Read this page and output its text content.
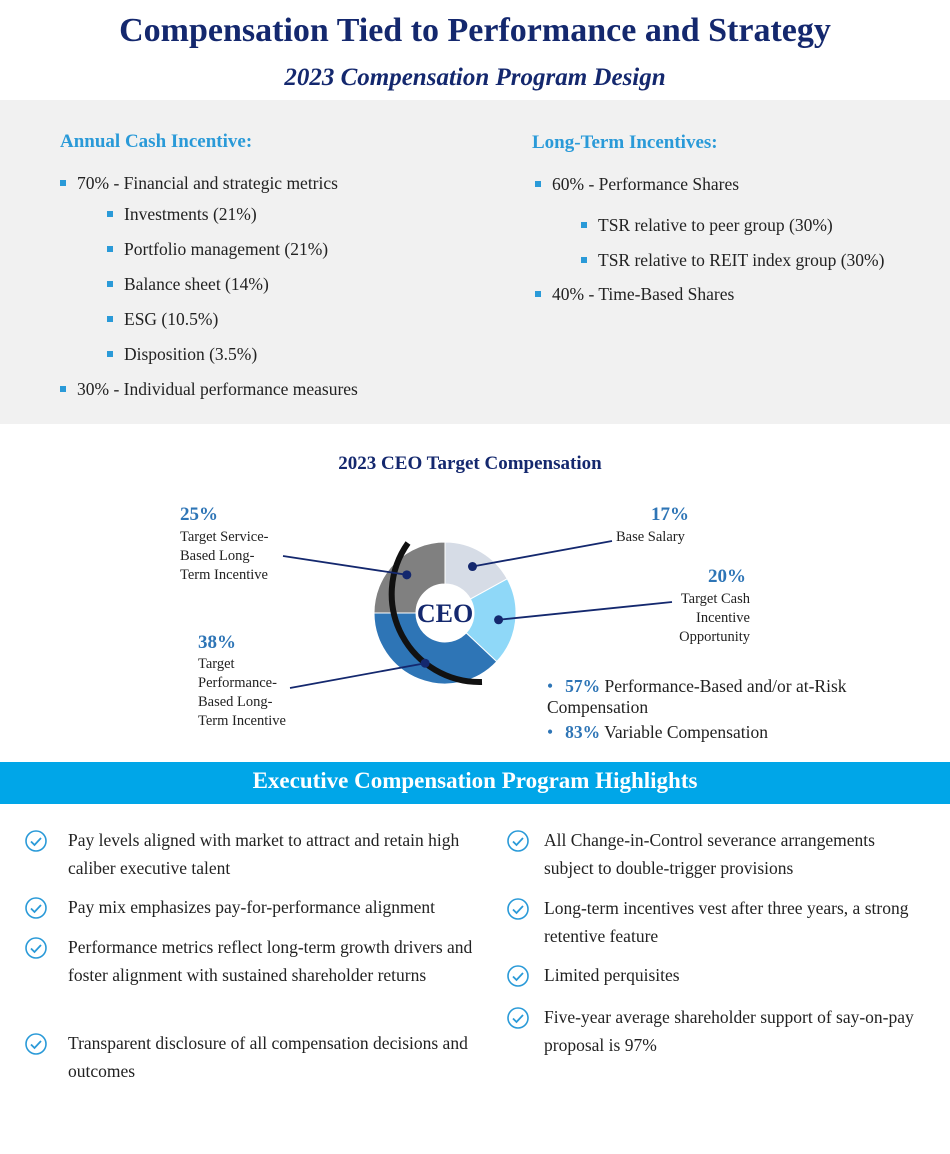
Compensation Tied to Performance and Strategy
2023 Compensation Program Design
Annual Cash Incentive:
70% - Financial and strategic metrics
Investments (21%)
Portfolio management (21%)
Balance sheet (14%)
ESG (10.5%)
Disposition (3.5%)
30% - Individual performance measures
Long-Term Incentives:
60% - Performance Shares
TSR relative to peer group (30%)
TSR relative to REIT index group (30%)
40% - Time-Based Shares
2023 CEO Target Compensation
CEO
25%
Target Service-
Based Long-
Term Incentive
38%
Target
Performance-
Based Long-
Term Incentive
17%
Base Salary
20%
Target Cash
Incentive
Opportunity
• 57% Performance-Based and/or at-Risk Compensation
• 83% Variable Compensation
Executive Compensation Program Highlights
Pay levels aligned with market to attract and retain high caliber executive talent
Pay mix emphasizes pay-for-performance alignment
Performance metrics reflect long-term growth drivers and foster alignment with sustained shareholder returns
Transparent disclosure of all compensation decisions and outcomes
All Change-in-Control severance arrangements subject to double-trigger provisions
Long-term incentives vest after three years, a strong retentive feature
Limited perquisites
Five-year average shareholder support of say-on-pay proposal is 97%
